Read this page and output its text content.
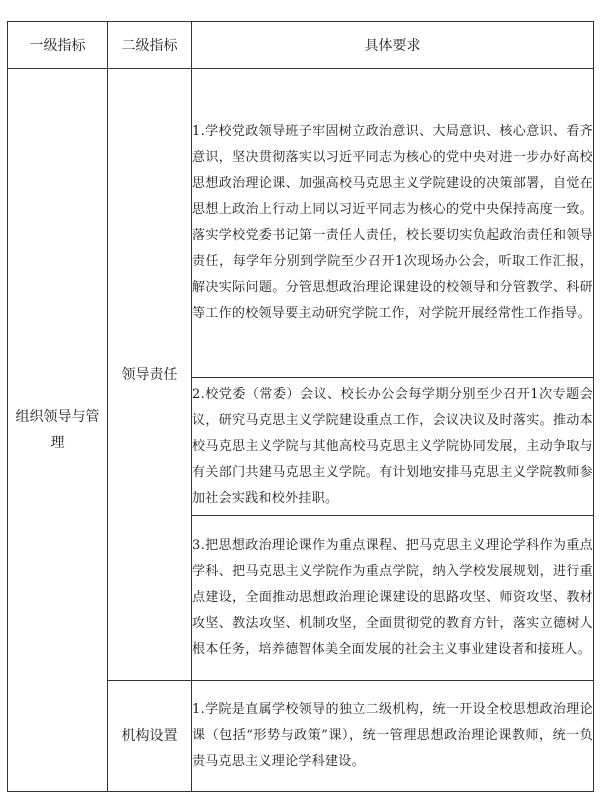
一级指标	二级指标	具体要求

组织领导与管理	领导责任	1.学校党政领导班子牢固树立政治意识、大局意识、核心意识、看齐意识，坚决贯彻落实以习近平同志为核心的党中央对进一步办好高校思想政治理论课、加强高校马克思主义学院建设的决策部署，自觉在思想上政治上行动上同以习近平同志为核心的党中央保持高度一致。落实学校党委书记第一责任人责任，校长要切实负起政治责任和领导责任，每学年分别到学院至少召开1次现场办公会，听取工作汇报，解决实际问题。分管思想政治理论课建设的校领导和分管教学、科研等工作的校领导要主动研究学院工作，对学院开展经常性工作指导。

		2.校党委（常委）会议、校长办公会每学期分别至少召开1次专题会议，研究马克思主义学院建设重点工作，会议决议及时落实。推动本校马克思主义学院与其他高校马克思主义学院协同发展，主动争取与有关部门共建马克思主义学院。有计划地安排马克思主义学院教师参加社会实践和校外挂职。

		3.把思想政治理论课作为重点课程、把马克思主义理论学科作为重点学科、把马克思主义学院作为重点学院，纳入学校发展规划，进行重点建设，全面推动思想政治理论课建设的思路攻坚、师资攻坚、教材攻坚、教法攻坚、机制攻坚，全面贯彻党的教育方针，落实立德树人根本任务，培养德智体美全面发展的社会主义事业建设者和接班人。

	机构设置	1.学院是直属学校领导的独立二级机构，统一开设全校思想政治理论课（包括“形势与政策”课），统一管理思想政治理论课教师，统一负责马克思主义理论学科建设。
